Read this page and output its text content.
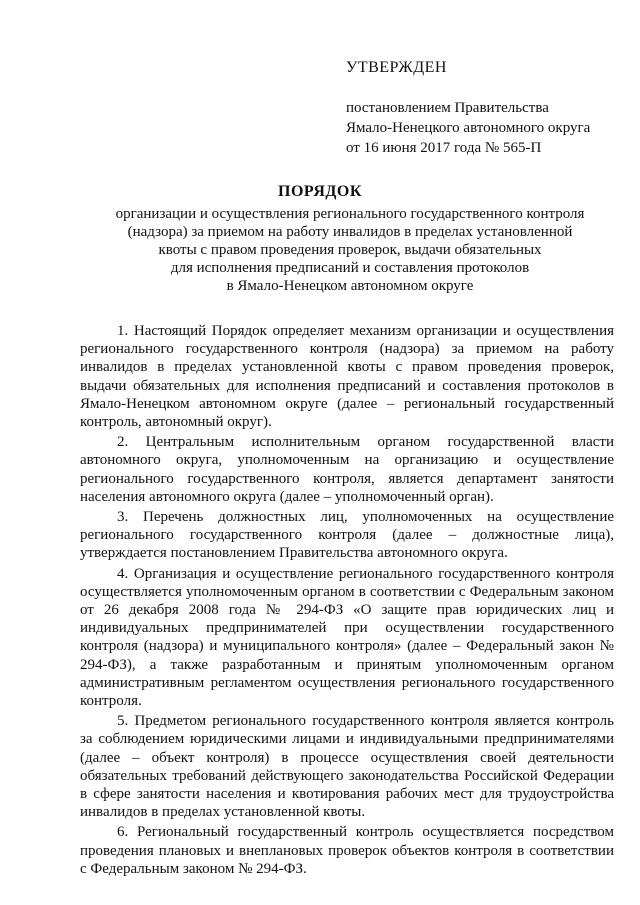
УТВЕРЖДЕН
постановлением Правительства
Ямало-Ненецкого автономного округа
от 16 июня 2017 года № 565-П
ПОРЯДОК
организации и осуществления регионального государственного контроля
(надзора) за приемом на работу инвалидов в пределах установленной
квоты с правом проведения проверок, выдачи обязательных
для исполнения предписаний и составления протоколов
в Ямало-Ненецком автономном округе

1. Настоящий Порядок определяет механизм организации и осуществления регионального государственного контроля (надзора) за приемом на работу инвалидов в пределах установленной квоты с правом проведения проверок, выдачи обязательных для исполнения предписаний и составления протоколов в Ямало-Ненецком автономном округе (далее – региональный государственный контроль, автономный округ).

2. Центральным исполнительным органом государственной власти автономного округа, уполномоченным на организацию и осуществление регионального государственного контроля, является департамент занятости населения автономного округа (далее – уполномоченный орган).

3. Перечень должностных лиц, уполномоченных на осуществление регионального государственного контроля (далее – должностные лица), утверждается постановлением Правительства автономного округа.

4. Организация и осуществление регионального государственного контроля осуществляется уполномоченным органом в соответствии с Федеральным законом от 26 декабря 2008 года № 294-ФЗ «О защите прав юридических лиц и индивидуальных предпринимателей при осуществлении государственного контроля (надзора) и муниципального контроля» (далее – Федеральный закон № 294-ФЗ), а также разработанным и принятым уполномоченным органом административным регламентом осуществления регионального государственного контроля.

5. Предметом регионального государственного контроля является контроль за соблюдением юридическими лицами и индивидуальными предпринимателями (далее – объект контроля) в процессе осуществления своей деятельности обязательных требований действующего законодательства Российской Федерации в сфере занятости населения и квотирования рабочих мест для трудоустройства инвалидов в пределах установленной квоты.

6. Региональный государственный контроль осуществляется посредством проведения плановых и внеплановых проверок объектов контроля в соответствии с Федеральным законом № 294-ФЗ.
